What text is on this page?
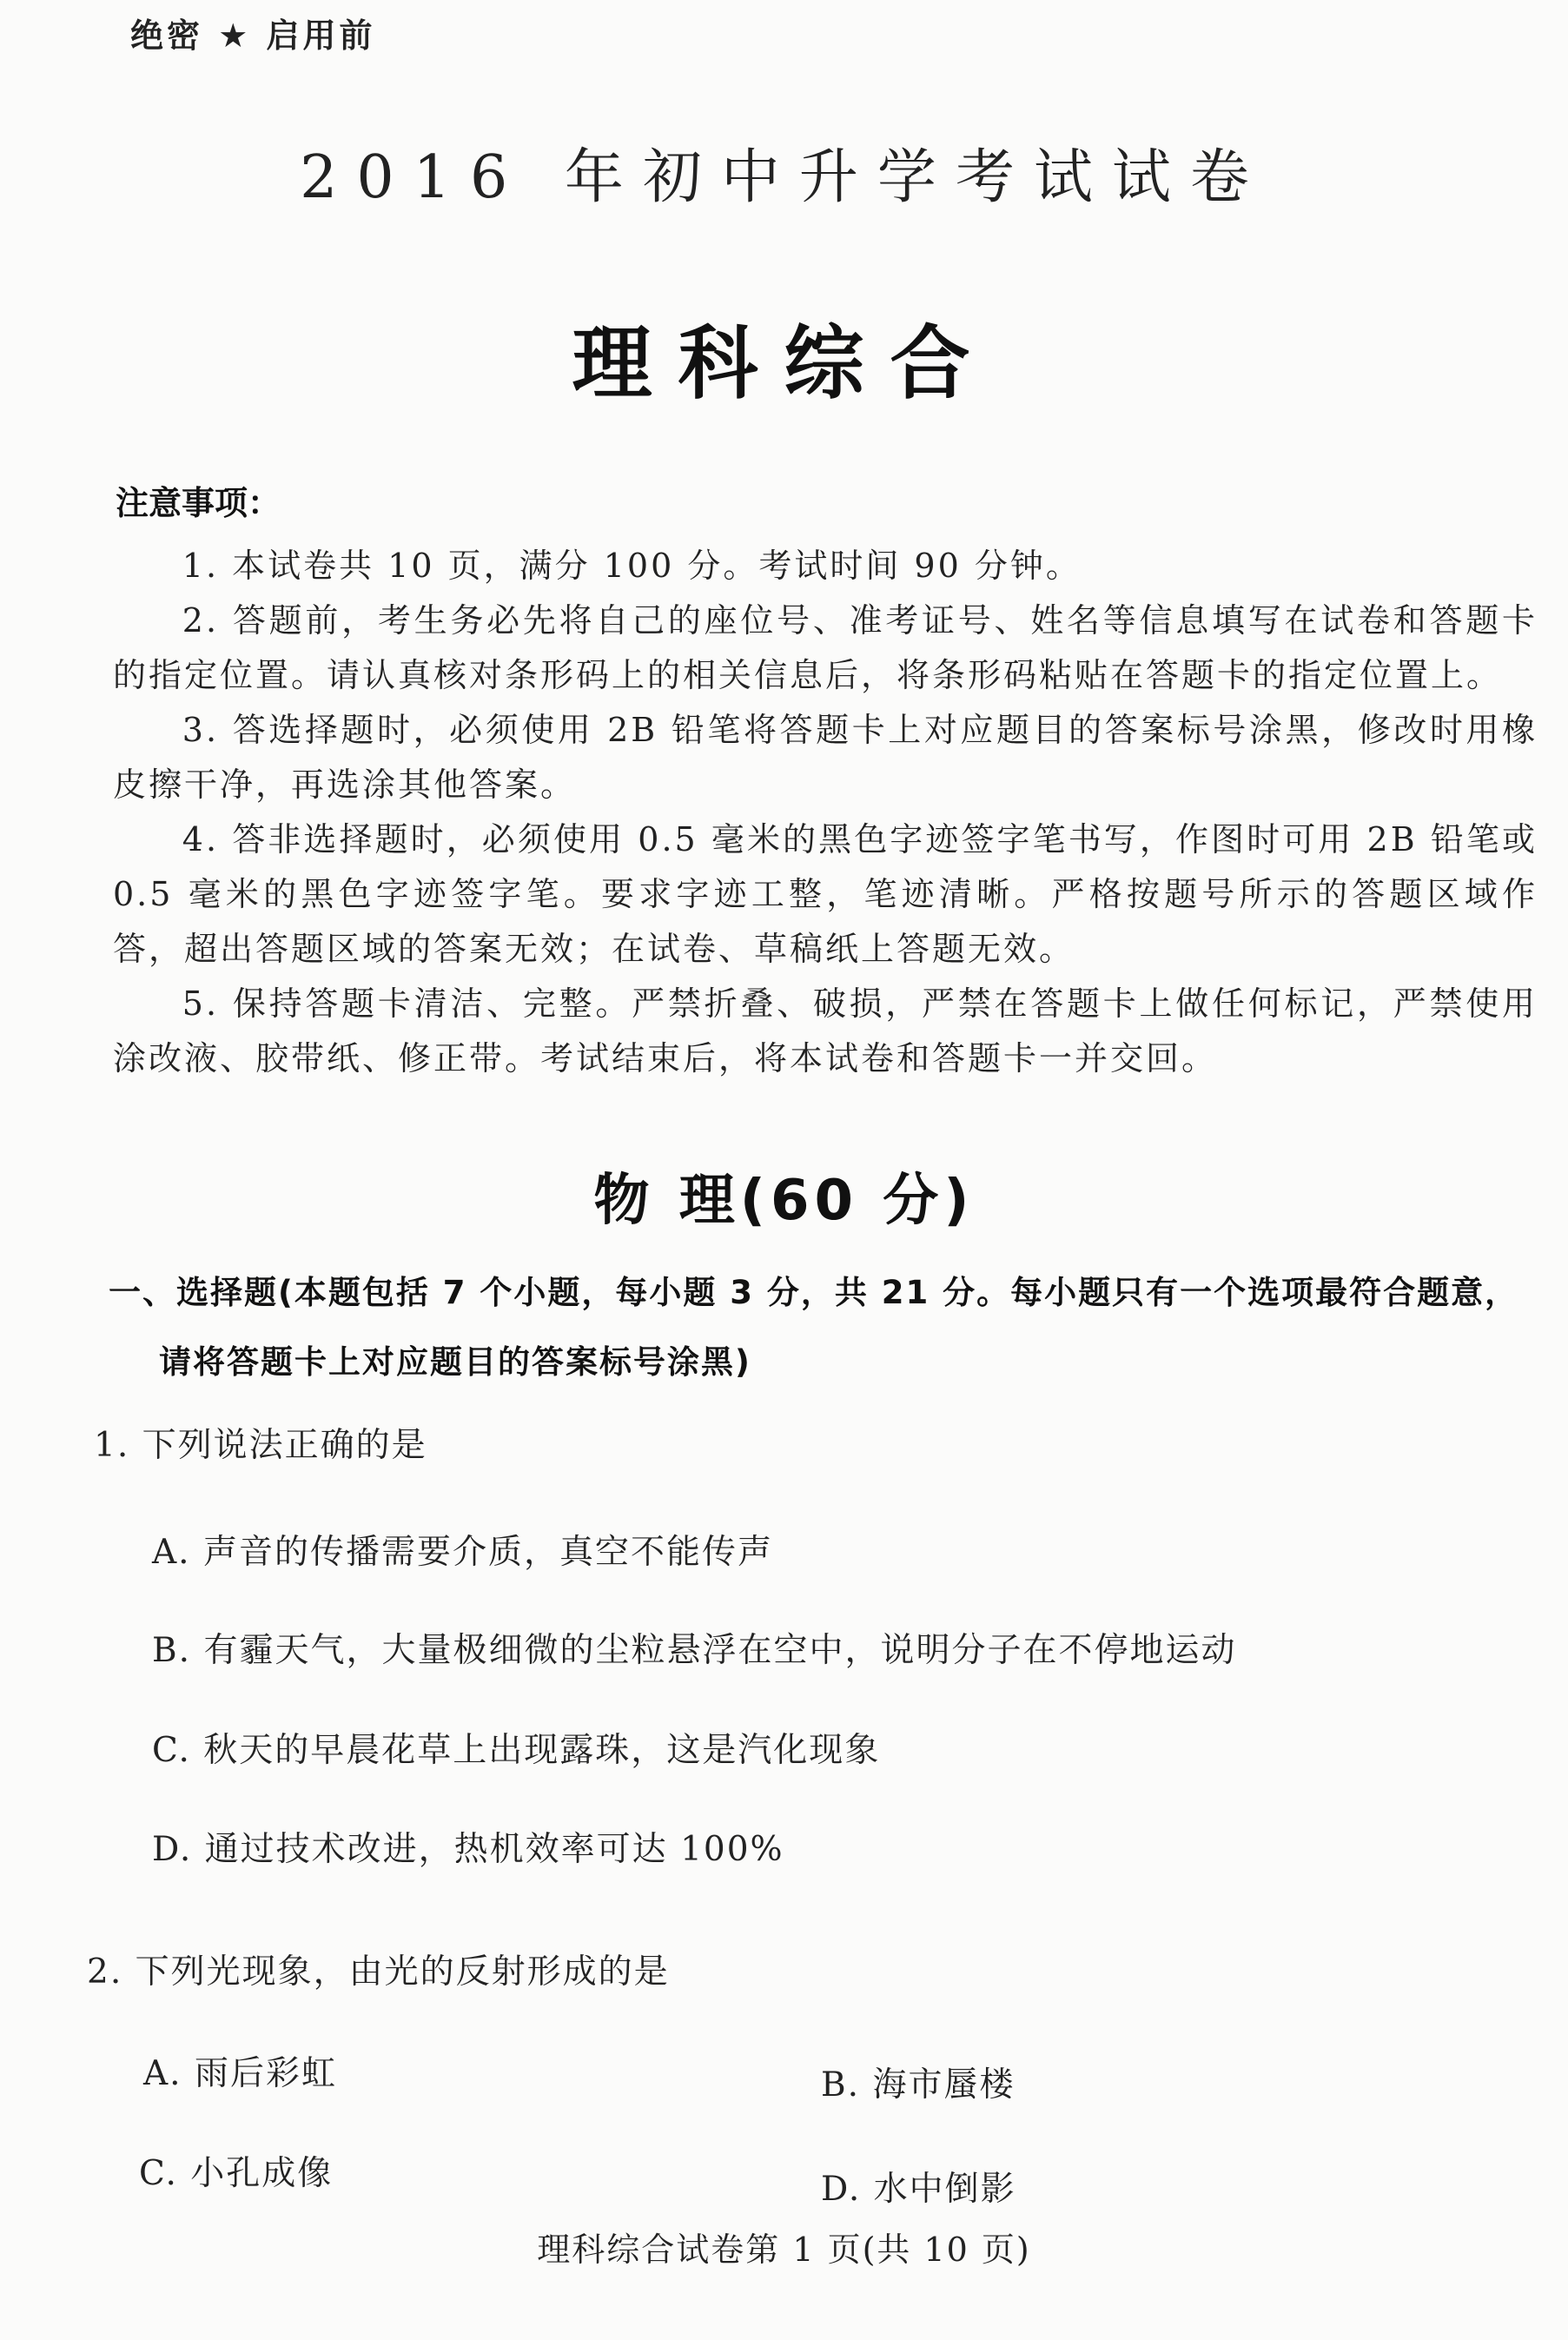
绝密 ★ 启用前
2016 年初中升学考试试卷
理科综合
注意事项：

1. 本试卷共 10 页，满分 100 分。考试时间 90 分钟。

2. 答题前，考生务必先将自己的座位号、准考证号、姓名等信息填写在试卷和答题卡的指定位置。请认真核对条形码上的相关信息后，将条形码粘贴在答题卡的指定位置上。

3. 答选择题时，必须使用 2B 铅笔将答题卡上对应题目的答案标号涂黑，修改时用橡皮擦干净，再选涂其他答案。

4. 答非选择题时，必须使用 0.5 毫米的黑色字迹签字笔书写，作图时可用 2B 铅笔或 0.5 毫米的黑色字迹签字笔。要求字迹工整，笔迹清晰。严格按题号所示的答题区域作答，超出答题区域的答案无效；在试卷、草稿纸上答题无效。

5. 保持答题卡清洁、完整。严禁折叠、破损，严禁在答题卡上做任何标记，严禁使用涂改液、胶带纸、修正带。考试结束后，将本试卷和答题卡一并交回。

物 理(60 分)
一、选择题(本题包括 7 个小题，每小题 3 分，共 21 分。每小题只有一个选项最符合题意，
请将答题卡上对应题目的答案标号涂黑)
1. 下列说法正确的是
A. 声音的传播需要介质，真空不能传声
B. 有霾天气，大量极细微的尘粒悬浮在空中，说明分子在不停地运动
C. 秋天的早晨花草上出现露珠，这是汽化现象
D. 通过技术改进，热机效率可达 100%
2. 下列光现象，由光的反射形成的是
A. 雨后彩虹	B. 海市蜃楼
C. 小孔成像	D. 水中倒影
理科综合试卷第 1 页(共 10 页)
